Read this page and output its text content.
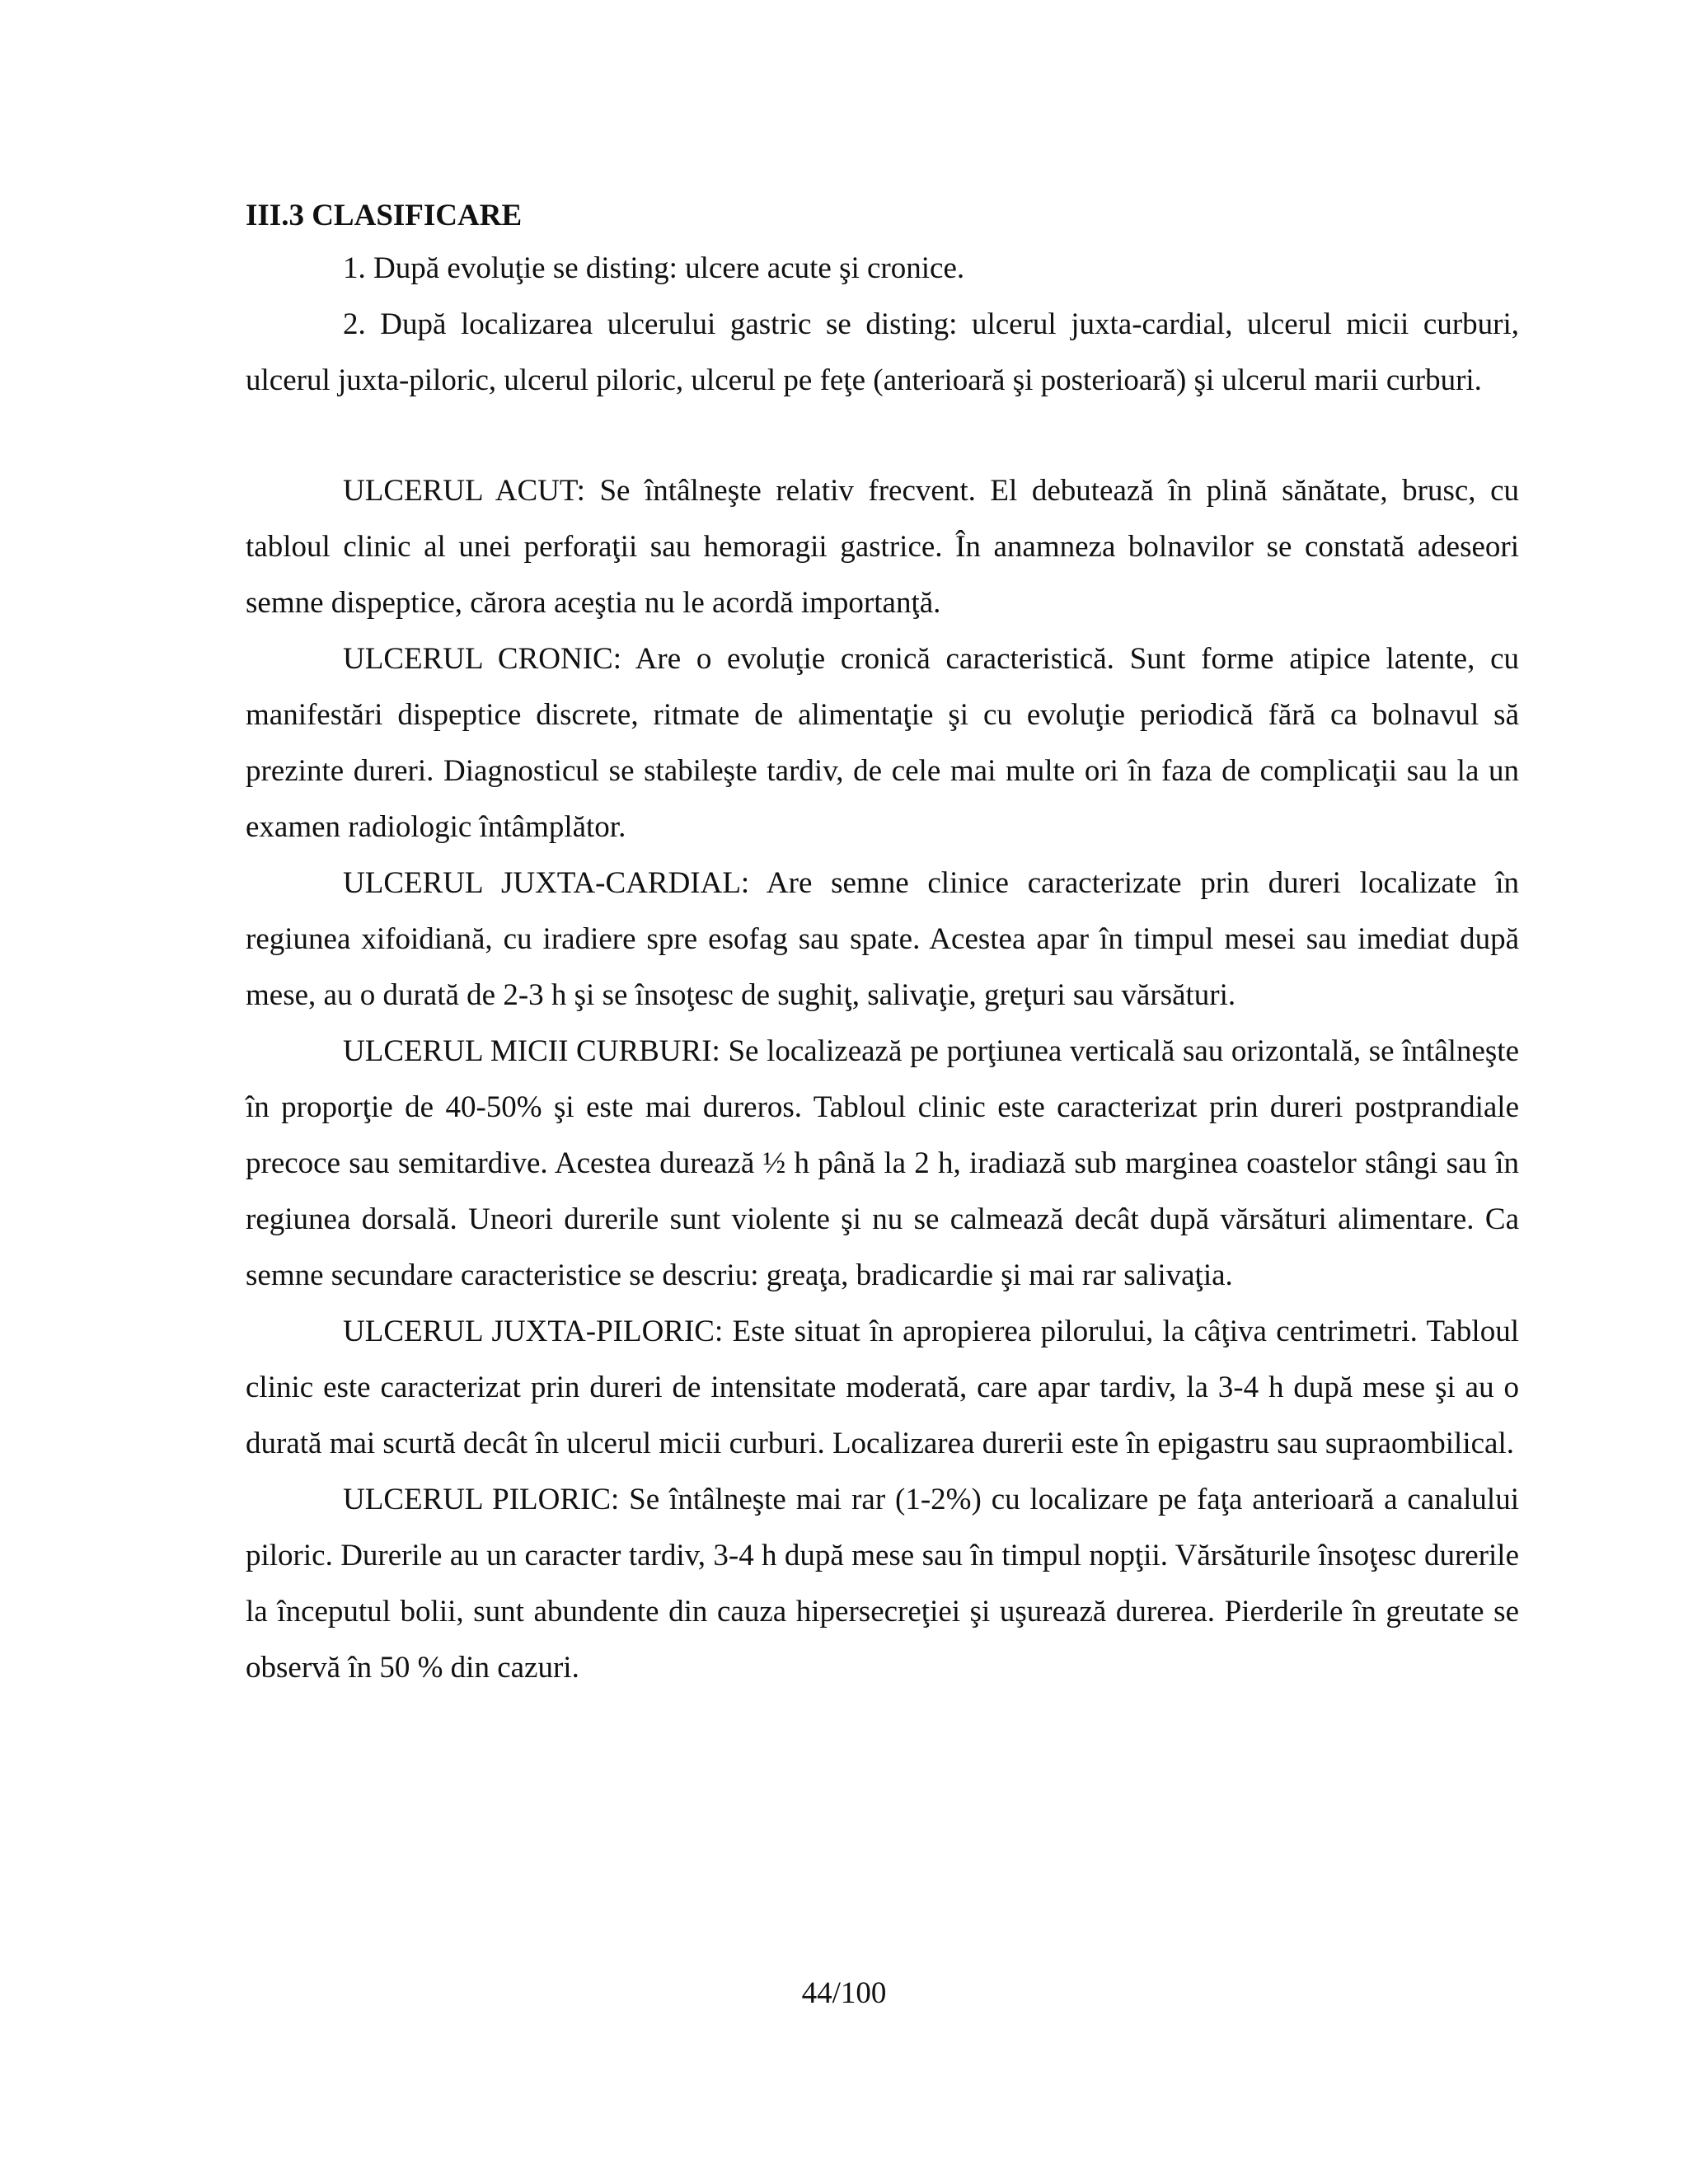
III.3 CLASIFICARE

1. După evoluţie se disting: ulcere acute şi cronice.

2. După localizarea ulcerului gastric se disting: ulcerul juxta-cardial, ulcerul micii curburi, ulcerul juxta-piloric, ulcerul piloric, ulcerul pe feţe (anterioară şi posterioară) şi ulcerul marii curburi.

ULCERUL ACUT: Se întâlneşte relativ frecvent. El debutează în plină sănătate, brusc, cu tabloul clinic al unei perforaţii sau hemoragii gastrice. În anamneza bolnavilor se constată adeseori semne dispeptice, cărora aceştia nu le acordă importanţă.

ULCERUL CRONIC: Are o evoluţie cronică caracteristică. Sunt forme atipice latente, cu manifestări dispeptice discrete, ritmate de alimentaţie şi cu evoluţie periodică fără ca bolnavul să prezinte dureri. Diagnosticul se stabileşte tardiv, de cele mai multe ori în faza de complicaţii sau la un examen radiologic întâmplător.

ULCERUL JUXTA-CARDIAL: Are semne clinice caracterizate prin dureri localizate în regiunea xifoidiană, cu iradiere spre esofag sau spate. Acestea apar în timpul mesei sau imediat după mese, au o durată de 2-3 h şi se însoţesc de sughiţ, salivaţie, greţuri sau vărsături.

ULCERUL MICII CURBURI: Se localizează pe porţiunea verticală sau orizontală, se întâlneşte în proporţie de 40-50% şi este mai dureros. Tabloul clinic este caracterizat prin dureri postprandiale precoce sau semitardive. Acestea durează ½ h până la 2 h, iradiază sub marginea coastelor stângi sau în regiunea dorsală. Uneori durerile sunt violente şi nu se calmează decât după vărsături alimentare. Ca semne secundare caracteristice se descriu: greaţa, bradicardie şi mai rar salivaţia.

ULCERUL JUXTA-PILORIC: Este situat în apropierea pilorului, la câţiva centrimetri. Tabloul clinic este caracterizat prin dureri de intensitate moderată, care apar tardiv, la 3-4 h după mese şi au o durată mai scurtă decât în ulcerul micii curburi. Localizarea durerii este în epigastru sau supraombilical.

ULCERUL PILORIC: Se întâlneşte mai rar (1-2%) cu localizare pe faţa anterioară a canalului piloric. Durerile au un caracter tardiv, 3-4 h după mese sau în timpul nopţii. Vărsăturile însoţesc durerile la începutul bolii, sunt abundente din cauza hipersecreţiei şi uşurează durerea. Pierderile în greutate se observă în 50 % din cazuri.

44/100
